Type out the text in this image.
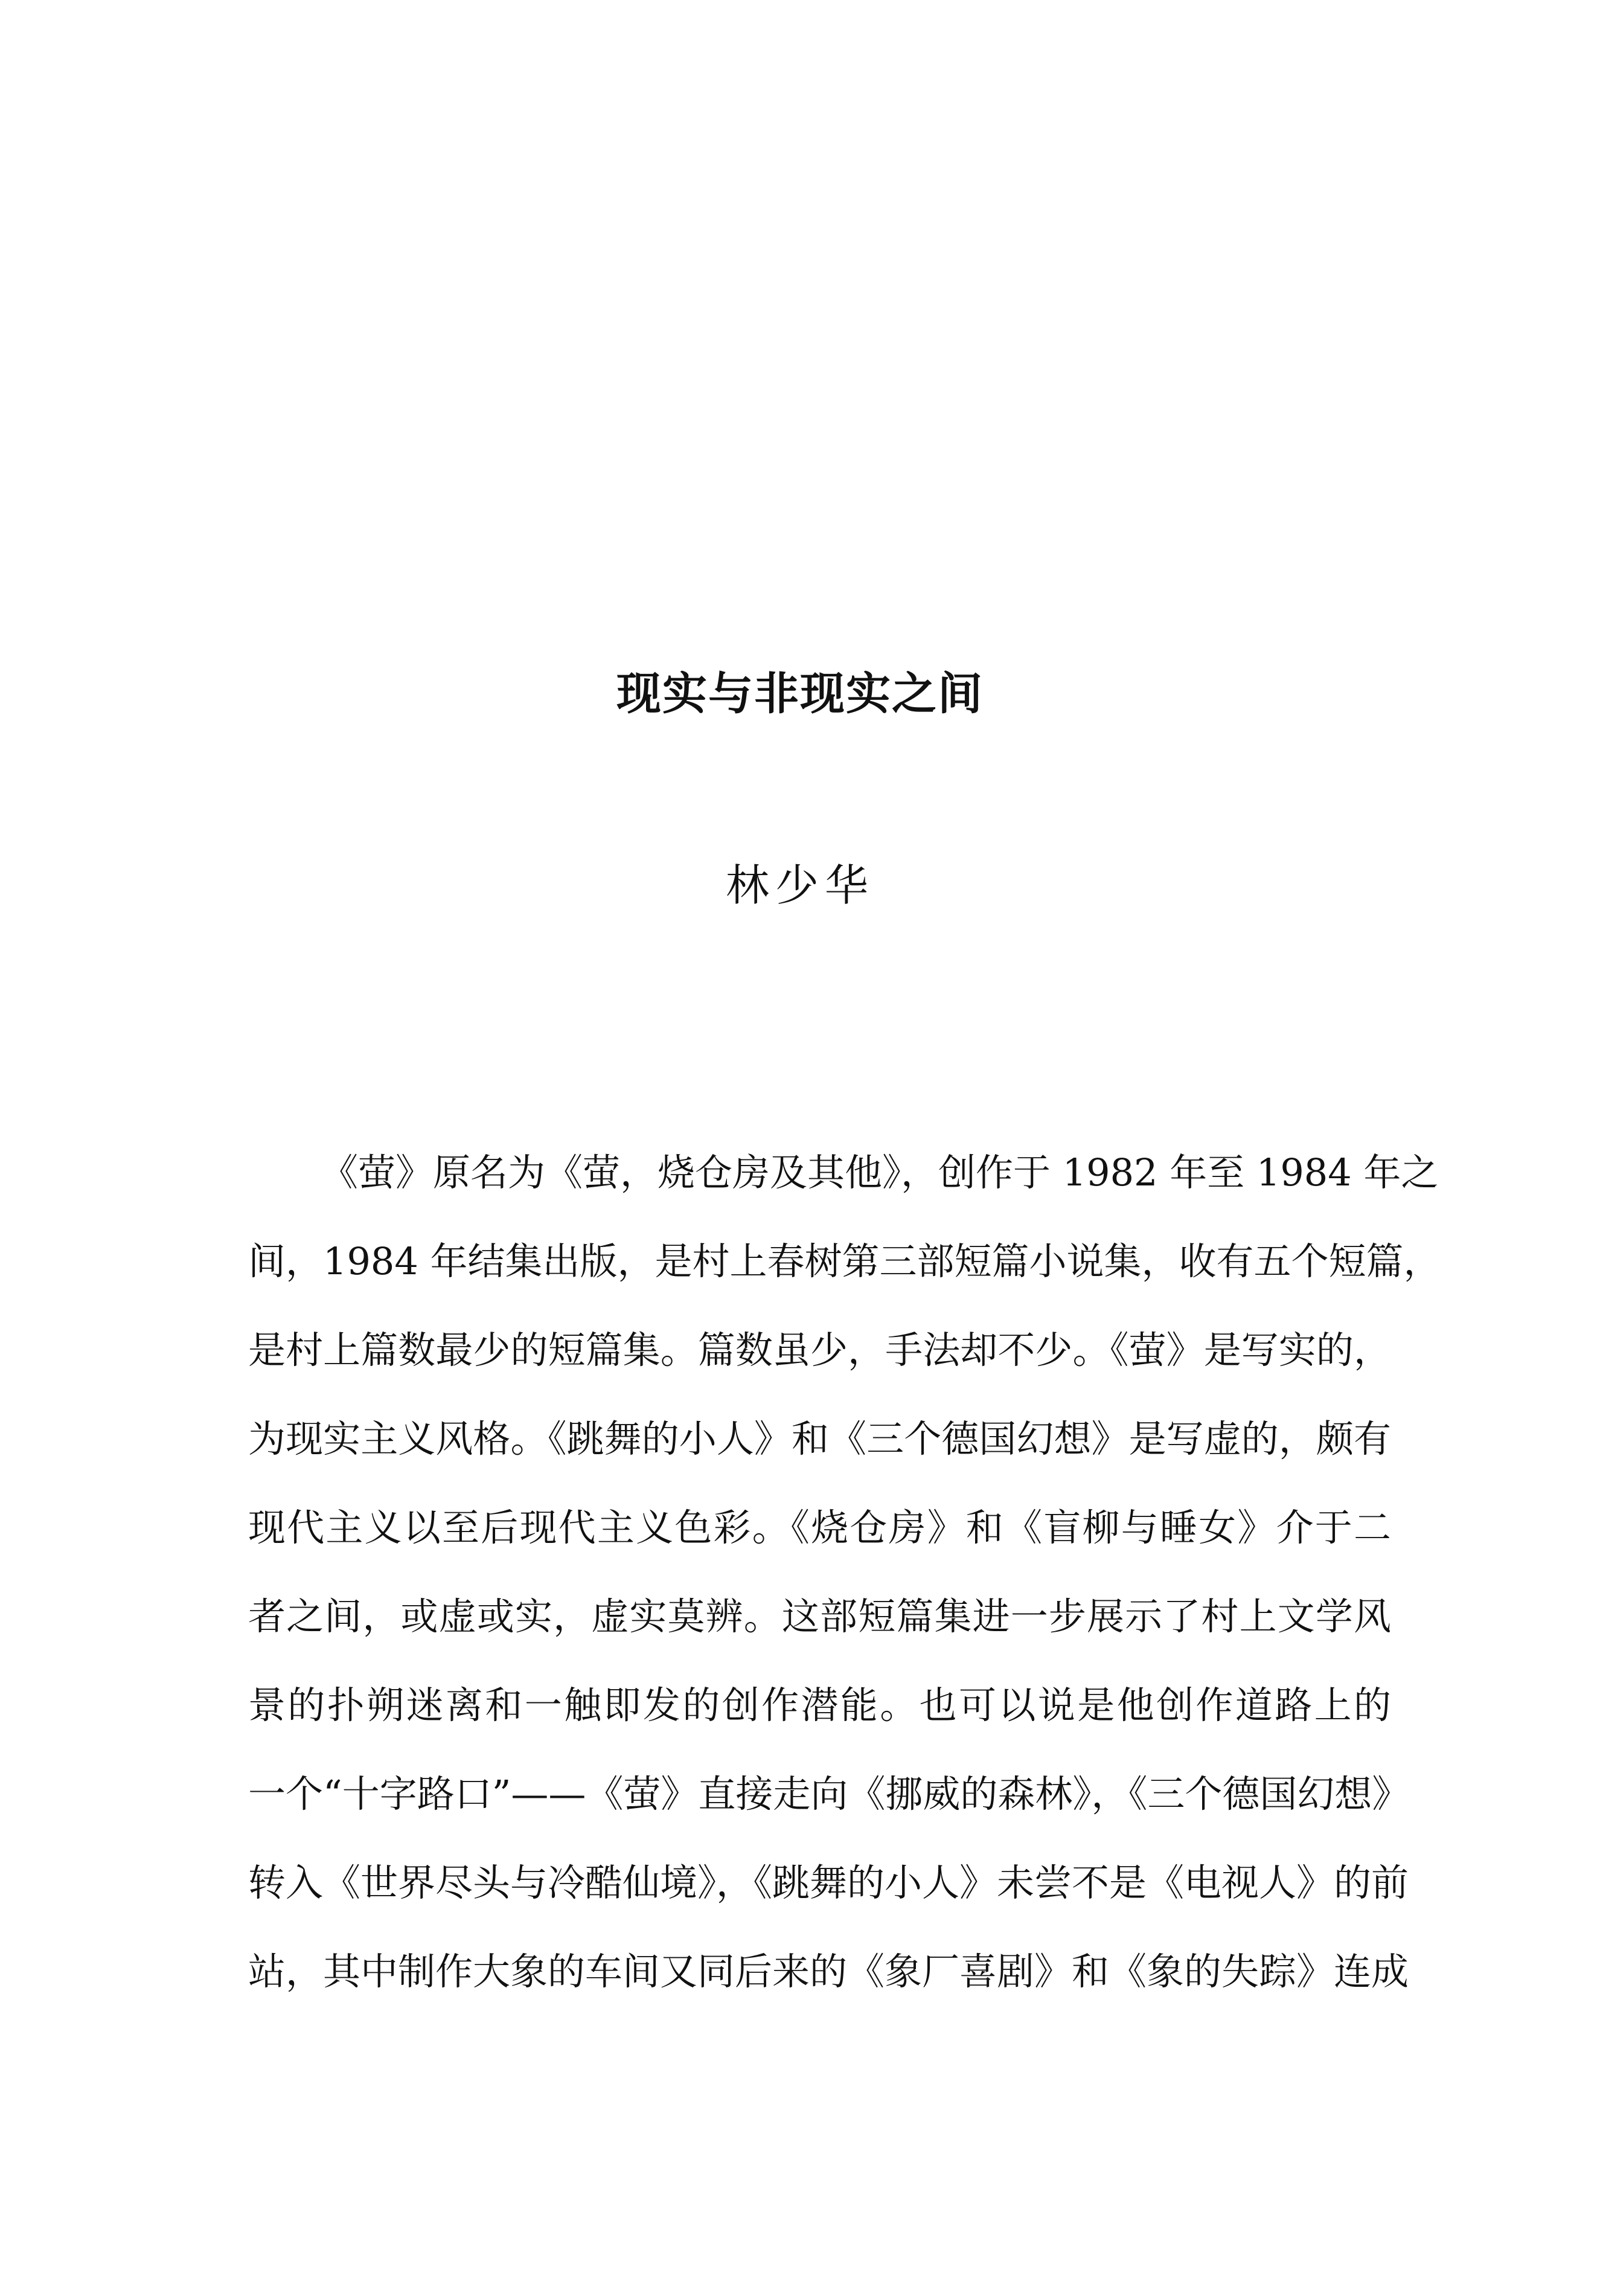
现实与非现实之间

林少华

《萤》原名为《萤，烧仓房及其他》，创作于 1982 年至 1984 年之
间，1984 年结集出版，是村上春树第三部短篇小说集，收有五个短篇，
是村上篇数最少的短篇集。篇数虽少，手法却不少。《萤》是写实的，
为现实主义风格。《跳舞的小人》和《三个德国幻想》是写虚的，颇有
现代主义以至后现代主义色彩。《烧仓房》和《盲柳与睡女》介于二
者之间，或虚或实，虚实莫辨。这部短篇集进一步展示了村上文学风
景的扑朔迷离和一触即发的创作潜能。也可以说是他创作道路上的
一个“十字路口”——《萤》直接走向《挪威的森林》，《三个德国幻想》
转入《世界尽头与冷酷仙境》，《跳舞的小人》未尝不是《电视人》的前
站，其中制作大象的车间又同后来的《象厂喜剧》和《象的失踪》连成
